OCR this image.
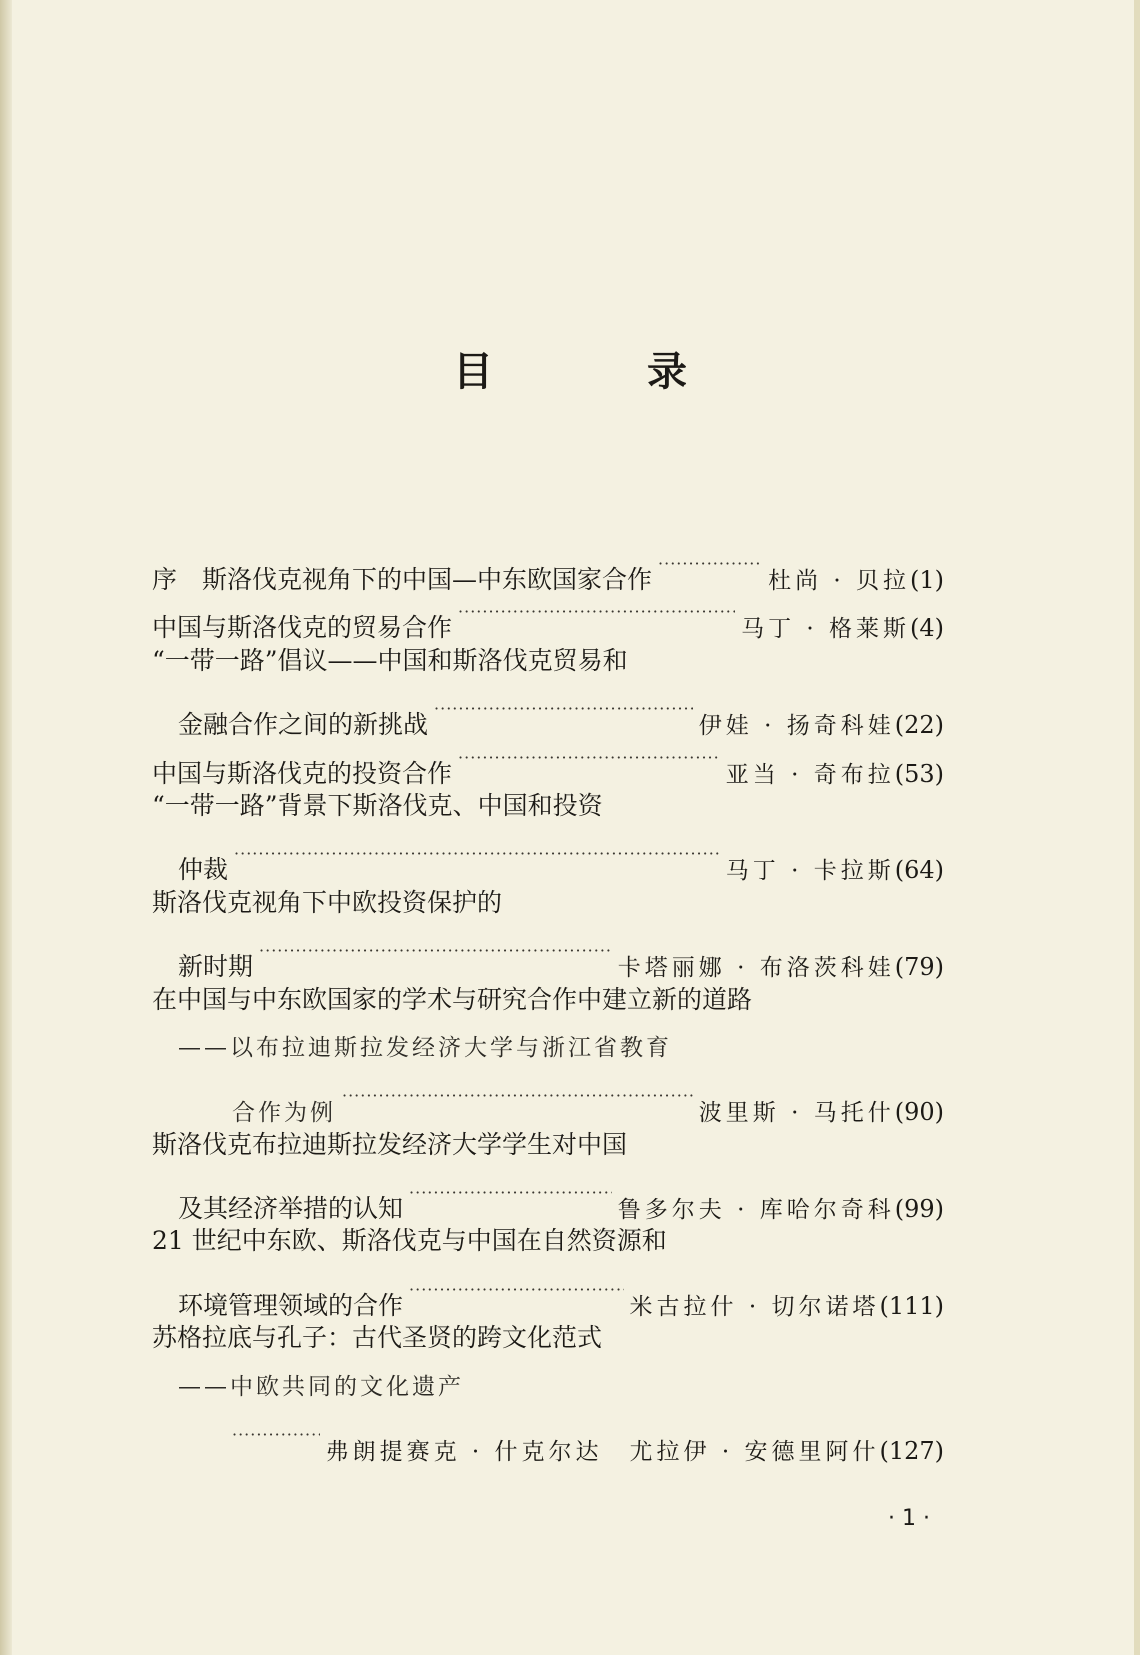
目 录
序　斯洛伐克视角下的中国—中东欧国家合作 ·····	杜尚 · 贝拉 (1)
中国与斯洛伐克的贸易合作 ·····	马丁 · 格莱斯 (4)
“一带一路”倡议——中国和斯洛伐克贸易和
金融合作之间的新挑战 ·····	伊娃 · 扬奇科娃 (22)
中国与斯洛伐克的投资合作 ·····	亚当 · 奇布拉 (53)
“一带一路”背景下斯洛伐克、中国和投资
仲裁 ·····	马丁 · 卡拉斯 (64)
斯洛伐克视角下中欧投资保护的
新时期 ·····	卡塔丽娜 · 布洛茨科娃 (79)
在中国与中东欧国家的学术与研究合作中建立新的道路
——以布拉迪斯拉发经济大学与浙江省教育
合作为例 ·····	波里斯 · 马托什 (90)
斯洛伐克布拉迪斯拉发经济大学学生对中国
及其经济举措的认知 ·····	鲁多尔夫 · 库哈尔奇科 (99)
21 世纪中东欧、斯洛伐克与中国在自然资源和
环境管理领域的合作 ·····	米古拉什 · 切尔诺塔 (111)
苏格拉底与孔子：古代圣贤的跨文化范式
——中欧共同的文化遗产
·····
弗朗提赛克 · 什克尔达　尤拉伊 · 安德里阿什 (127)
· 1 ·
